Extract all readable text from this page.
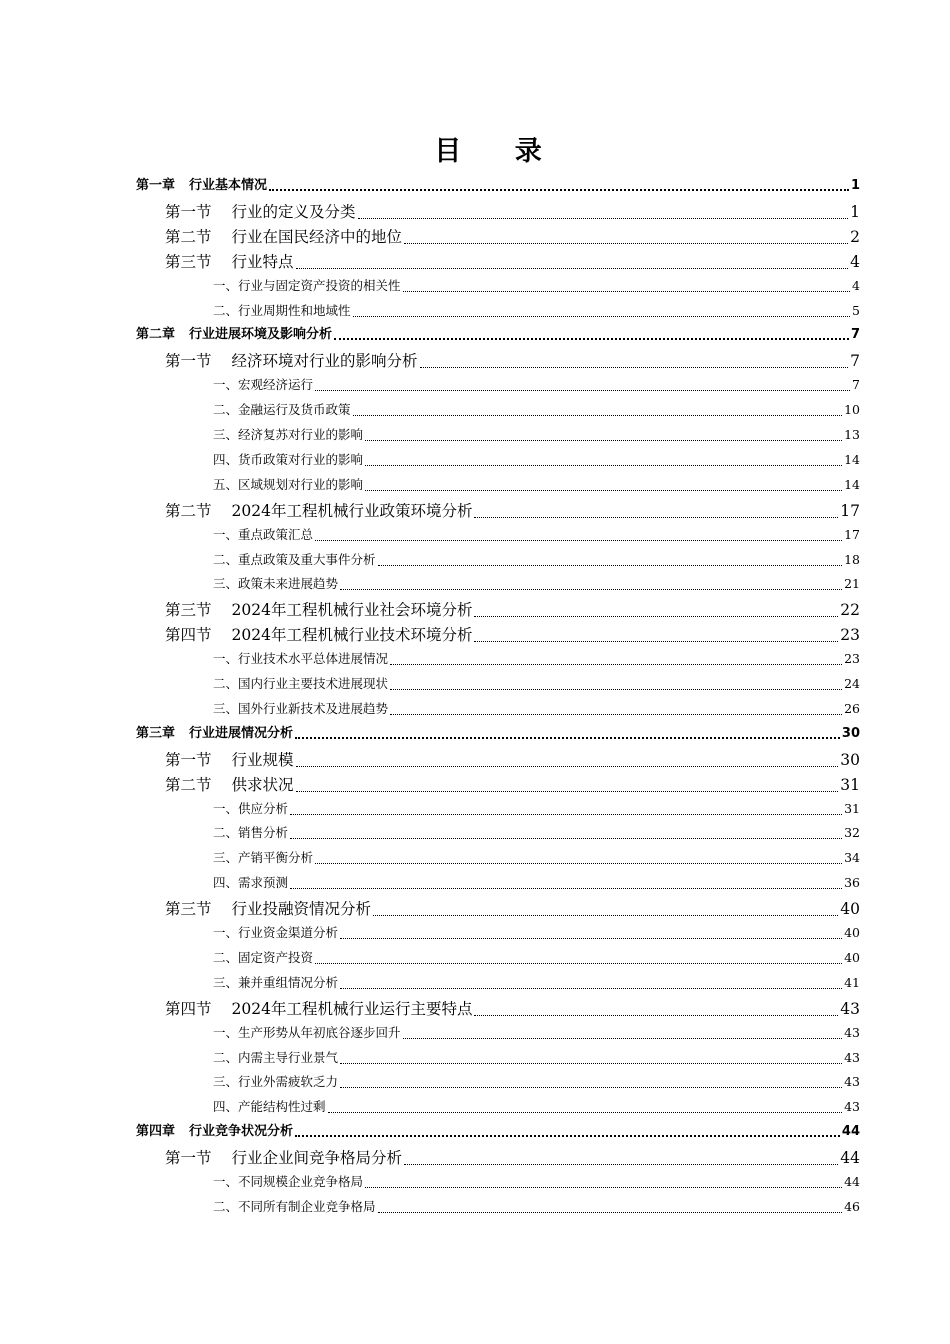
目 录
第一章 行业基本情况	1
第一节 行业的定义及分类	1
第二节 行业在国民经济中的地位	2
第三节 行业特点	4
一、行业与固定资产投资的相关性	4
二、行业周期性和地域性	5
第二章 行业进展环境及影响分析	7
第一节 经济环境对行业的影响分析	7
一、宏观经济运行	7
二、金融运行及货币政策	10
三、经济复苏对行业的影响	13
四、货币政策对行业的影响	14
五、区域规划对行业的影响	14
第二节 2024年工程机械行业政策环境分析	17
一、重点政策汇总	17
二、重点政策及重大事件分析	18
三、政策未来进展趋势	21
第三节 2024年工程机械行业社会环境分析	22
第四节 2024年工程机械行业技术环境分析	23
一、行业技术水平总体进展情况	23
二、国内行业主要技术进展现状	24
三、国外行业新技术及进展趋势	26
第三章 行业进展情况分析	30
第一节 行业规模	30
第二节 供求状况	31
一、供应分析	31
二、销售分析	32
三、产销平衡分析	34
四、需求预测	36
第三节 行业投融资情况分析	40
一、行业资金渠道分析	40
二、固定资产投资	40
三、兼并重组情况分析	41
第四节 2024年工程机械行业运行主要特点	43
一、生产形势从年初底谷逐步回升	43
二、内需主导行业景气	43
三、行业外需疲软乏力	43
四、产能结构性过剩	43
第四章 行业竞争状况分析	44
第一节 行业企业间竞争格局分析	44
一、不同规模企业竞争格局	44
二、不同所有制企业竞争格局	46
